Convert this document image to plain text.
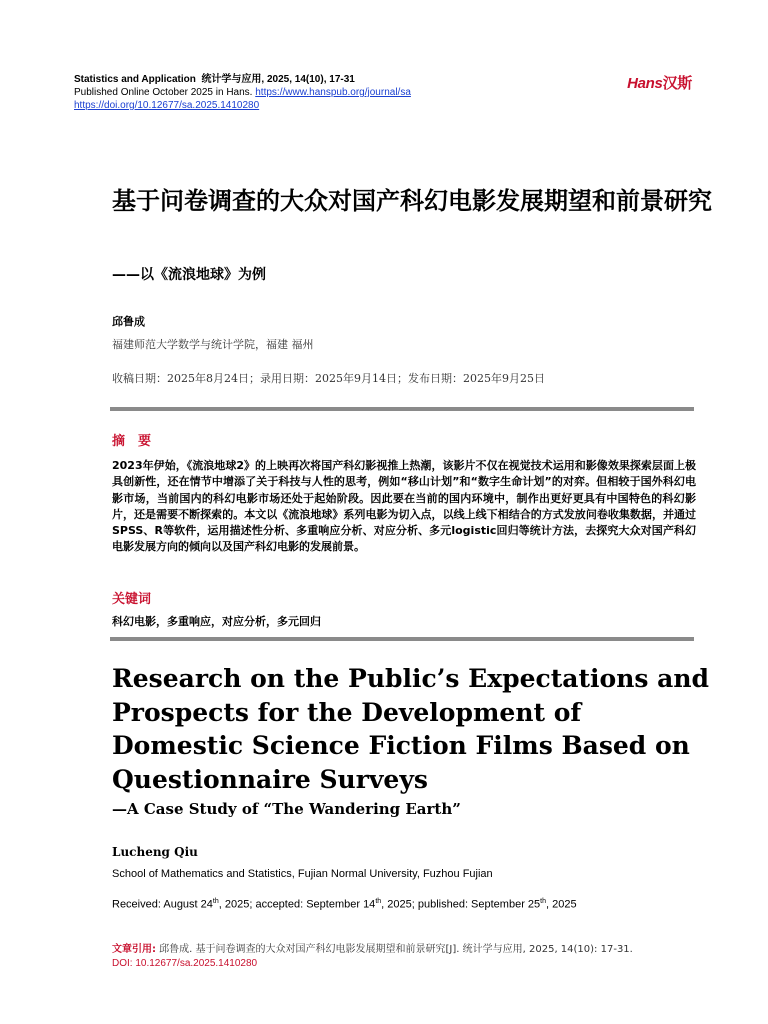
Statistics and Application 统计学与应用, 2025, 14(10), 17-31
Published Online October 2025 in Hans. https://www.hanspub.org/journal/sa
https://doi.org/10.12677/sa.2025.1410280
Hans汉斯
基于问卷调查的大众对国产科幻电影发展期望和前景研究
——以《流浪地球》为例
邱鲁成
福建师范大学数学与统计学院，福建 福州
收稿日期：2025年8月24日；录用日期：2025年9月14日；发布日期：2025年9月25日
摘　要
2023年伊始，《流浪地球2》的上映再次将国产科幻影视推上热潮，该影片不仅在视觉技术运用和影像效果探索层面上极具创新性，还在情节中增添了关于科技与人性的思考，例如“移山计划”和“数字生命计划”的对弈。但相较于国外科幻电影市场，当前国内的科幻电影市场还处于起始阶段。因此要在当前的国内环境中，制作出更好更具有中国特色的科幻影片，还是需要不断探索的。本文以《流浪地球》系列电影为切入点，以线上线下相结合的方式发放问卷收集数据，并通过SPSS、R等软件，运用描述性分析、多重响应分析、对应分析、多元logistic回归等统计方法，去探究大众对国产科幻电影发展方向的倾向以及国产科幻电影的发展前景。
关键词
科幻电影，多重响应，对应分析，多元回归
Research on the Public’s Expectations and Prospects for the Development of Domestic Science Fiction Films Based on Questionnaire Surveys
—A Case Study of “The Wandering Earth”
Lucheng Qiu
School of Mathematics and Statistics, Fujian Normal University, Fuzhou Fujian
Received: August 24th, 2025; accepted: September 14th, 2025; published: September 25th, 2025
文章引用: 邱鲁成. 基于问卷调查的大众对国产科幻电影发展期望和前景研究[J]. 统计学与应用, 2025, 14(10): 17-31.
DOI: 10.12677/sa.2025.1410280
